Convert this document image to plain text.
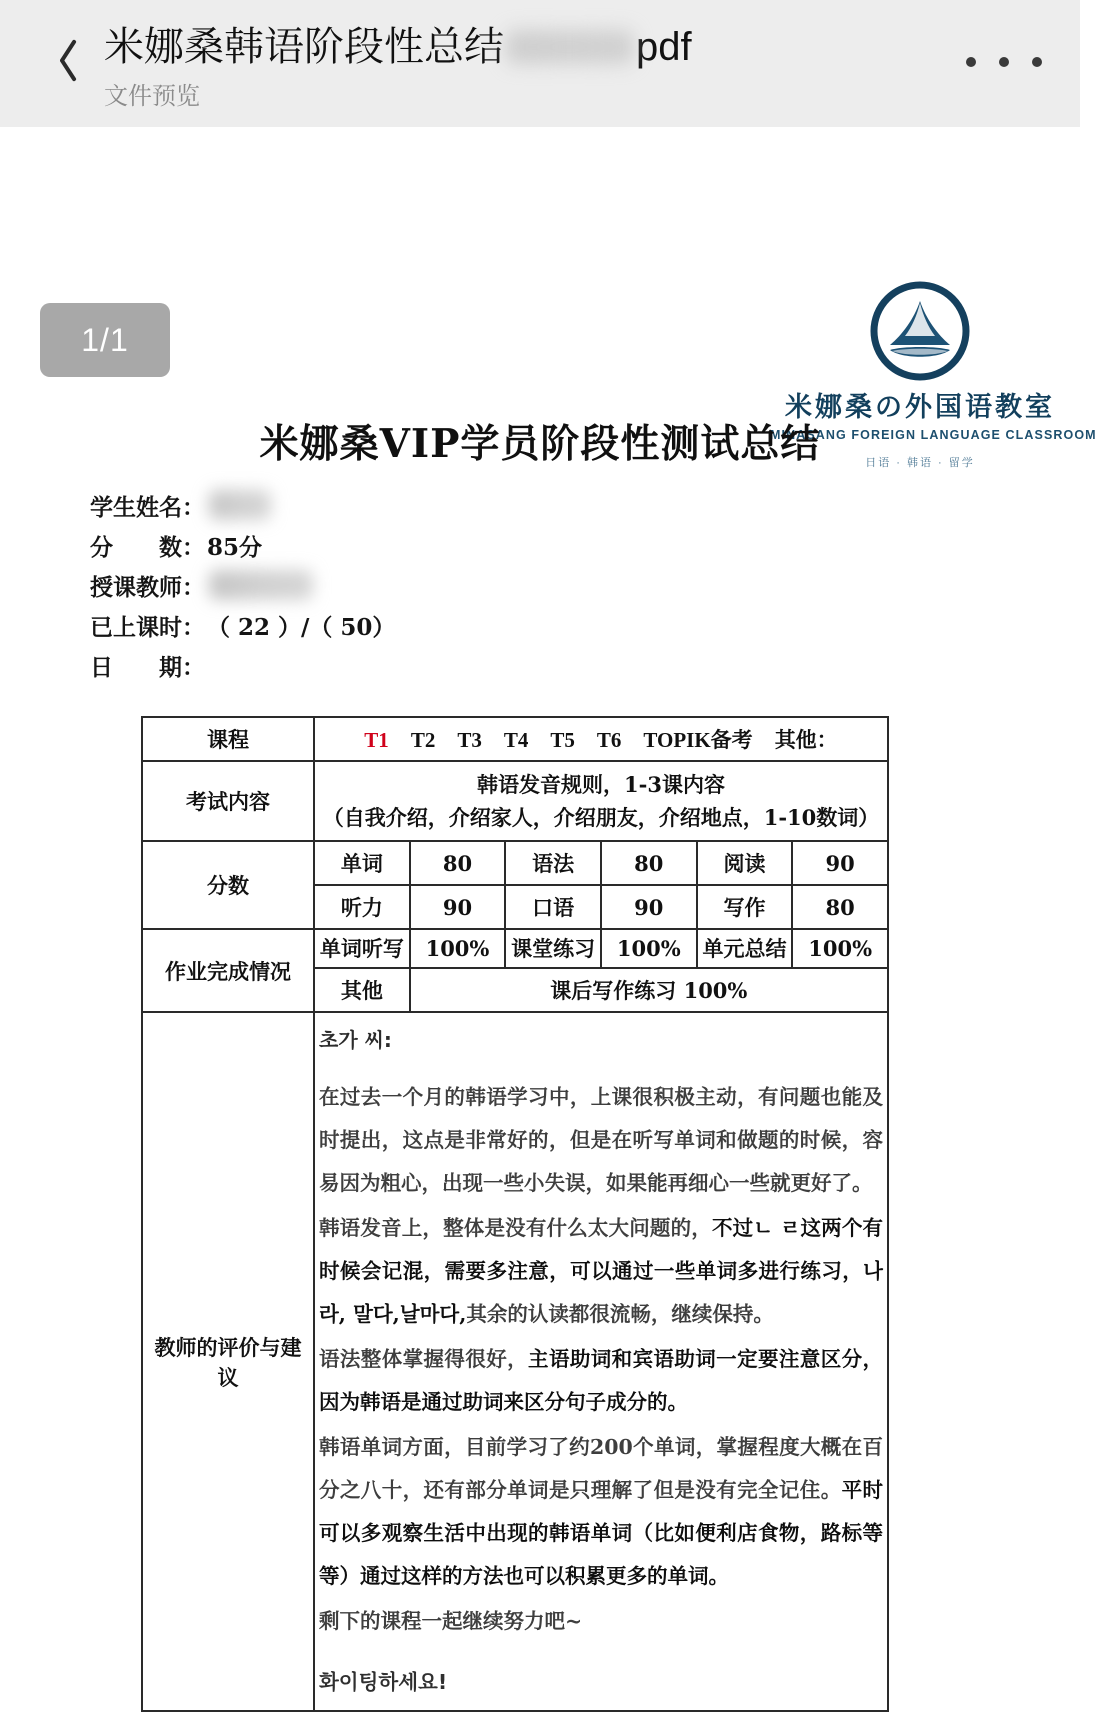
米娜桑韩语阶段性总结	pdf
文件预览
1/1
米娜桑の外国语教室
MINASANG FOREIGN LANGUAGE CLASSROOM
日语 · 韩语 · 留学
米娜桑VIP学员阶段性测试总结
学生姓名：
分　　数： 85分
授课教师：
已上课时： （ 22 ）/（ 50）
日　　期：
课程	T1 T2 T3 T4 T5 T6 TOPIK备考 其他：					
考试内容	韩语发音规则，1-3课内容
（自我介绍，介绍家人，介绍朋友，介绍地点，1-10数词）					

分数	单词	80	语法	80	阅读	90
	听力	90	口语	90	写作	80
作业完成情况	单词听写	100%	课堂练习	100%	单元总结	100%
	其他	课后写作练习 100%				
教师的评价与建议	
초가 씨:

在过去一个月的韩语学习中，上课很积极主动，有问题也能及时提出，这点是非常好的，但是在听写单词和做题的时候，容易因为粗心，出现一些小失误，如果能再细心一些就更好了。

韩语发音上，整体是没有什么太大问题的，不过ㄴ ㄹ这两个有时候会记混，需要多注意，可以通过一些单词多进行练习，나라, 말다,날마다,其余的认读都很流畅，继续保持。

语法整体掌握得很好，主语助词和宾语助词一定要注意区分，因为韩语是通过助词来区分句子成分的。

韩语单词方面，目前学习了约200个单词，掌握程度大概在百分之八十，还有部分单词是只理解了但是没有完全记住。平时可以多观察生活中出现的韩语单词（比如便利店食物，路标等等）通过这样的方法也可以积累更多的单词。

剩下的课程一起继续努力吧~

화이팅하세요!
